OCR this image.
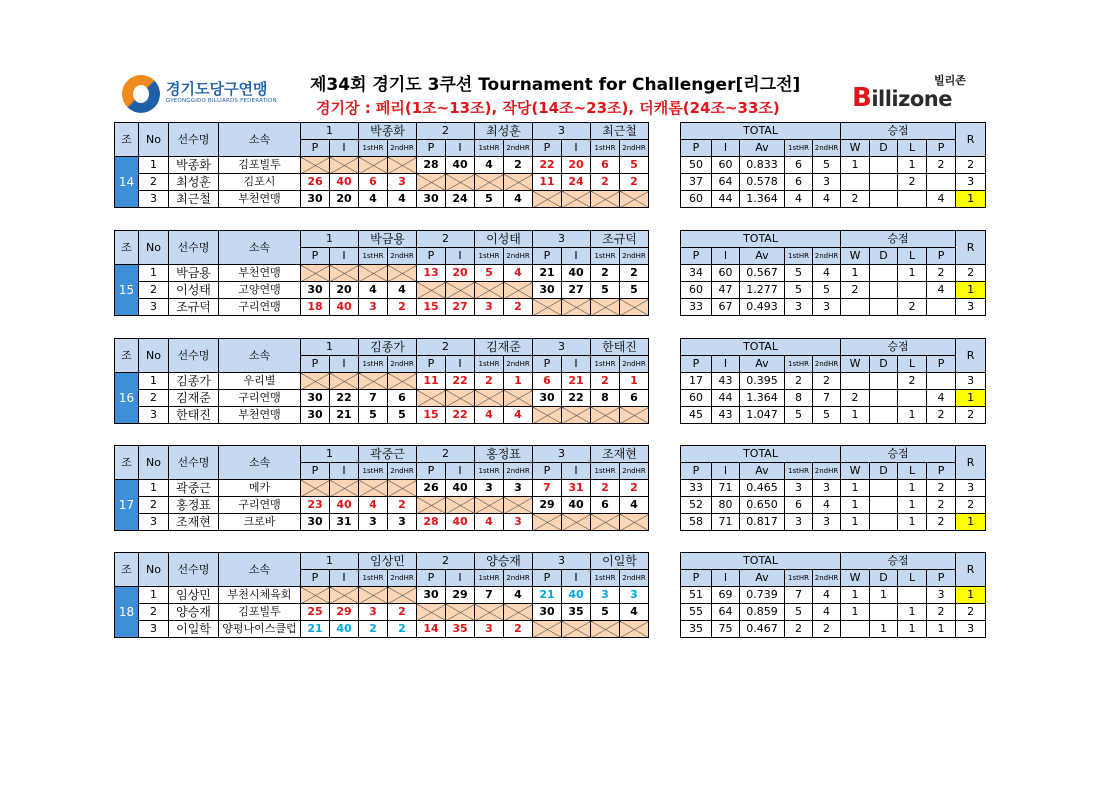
경기도당구연맹
GYEONGGIDO BILLIARDS FEDERATION
제34회 경기도 3쿠션 Tournament for Challenger[리그전]
경기장 : 페리(1조~13조), 작당(14조~23조), 더캐롬(24조~33조)
빌리존
Billizone
조	No	선수명	소속	1		박종화		2		최성훈		3		최근철	
				P	I	1stHR	2ndHR	P	I	1stHR	2ndHR	P	I	1stHR	2ndHR
14	1	박종화	김포빌투					28	40	4	2	22	20	6	5
	2	최성훈	김포시	26	40	6	3					11	24	2	2
	3	최근철	부천연맹	30	20	4	4	30	24	5	4				
TOTAL					승점				R
P	I	Av	1stHR	2ndHR	W	D	L	P	
50	60	0.833	6	5	1		1	2	2
37	64	0.578	6	3			2		3
60	44	1.364	4	4	2			4	1
조	No	선수명	소속	1		박금용		2		이성태		3		조규덕	
				P	I	1stHR	2ndHR	P	I	1stHR	2ndHR	P	I	1stHR	2ndHR
15	1	박금용	부천연맹					13	20	5	4	21	40	2	2
	2	이성태	고양연맹	30	20	4	4					30	27	5	5
	3	조규덕	구리연맹	18	40	3	2	15	27	3	2				
TOTAL					승점				R
P	I	Av	1stHR	2ndHR	W	D	L	P	
34	60	0.567	5	4	1		1	2	2
60	47	1.277	5	5	2			4	1
33	67	0.493	3	3			2		3
조	No	선수명	소속	1		김종가		2		김재준		3		한태진	
				P	I	1stHR	2ndHR	P	I	1stHR	2ndHR	P	I	1stHR	2ndHR
16	1	김종가	우리별					11	22	2	1	6	21	2	1
	2	김재준	구리연맹	30	22	7	6					30	22	8	6
	3	한태진	부천연맹	30	21	5	5	15	22	4	4				
TOTAL					승점				R
P	I	Av	1stHR	2ndHR	W	D	L	P	
17	43	0.395	2	2			2		3
60	44	1.364	8	7	2			4	1
45	43	1.047	5	5	1		1	2	2
조	No	선수명	소속	1		곽중근		2		홍정표		3		조재현	
				P	I	1stHR	2ndHR	P	I	1stHR	2ndHR	P	I	1stHR	2ndHR
17	1	곽중근	메카					26	40	3	3	7	31	2	2
	2	홍정표	구리연맹	23	40	4	2					29	40	6	4
	3	조재현	크로바	30	31	3	3	28	40	4	3				
TOTAL					승점				R
P	I	Av	1stHR	2ndHR	W	D	L	P	
33	71	0.465	3	3	1		1	2	3
52	80	0.650	6	4	1		1	2	2
58	71	0.817	3	3	1		1	2	1
조	No	선수명	소속	1		임상민		2		양승재		3		이일학	
				P	I	1stHR	2ndHR	P	I	1stHR	2ndHR	P	I	1stHR	2ndHR
18	1	임상민	부천시체육회					30	29	7	4	21	40	3	3
	2	양승재	김포빌투	25	29	3	2					30	35	5	4
	3	이일학	양평나이스클럽	21	40	2	2	14	35	3	2				
TOTAL					승점				R
P	I	Av	1stHR	2ndHR	W	D	L	P	
51	69	0.739	7	4	1	1		3	1
55	64	0.859	5	4	1		1	2	2
35	75	0.467	2	2		1	1	1	3
